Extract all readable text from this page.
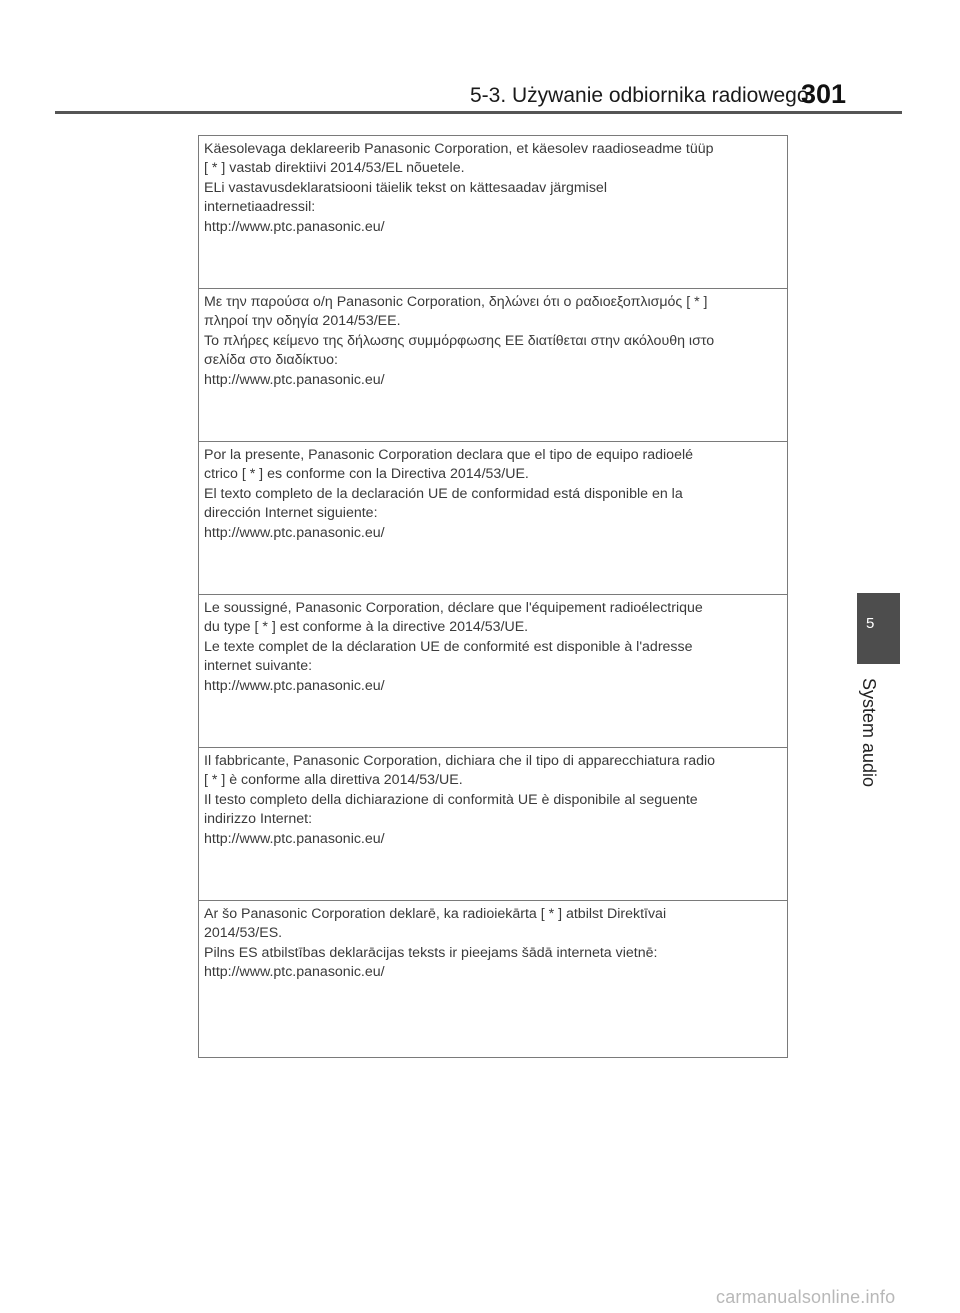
5-3. Używanie odbiornika radiowego
301

Käesolevaga deklareerib Panasonic Corporation, et käesolev raadioseadme tüüp
[ * ] vastab direktiivi 2014/53/EL nõuetele.
ELi vastavusdeklaratsiooni täielik tekst on kättesaadav järgmisel
internetiaadressil:
http://www.ptc.panasonic.eu/

Με την παρούσα ο/η Panasonic Corporation, δηλώνει ότι ο ραδιοεξοπλισμός [ * ]
πληροί την οδηγία 2014/53/ΕΕ.
Το πλήρες κείμενο της δήλωσης συμμόρφωσης ΕΕ διατίθεται στην ακόλουθη ιστο
σελίδα στο διαδίκτυο:
http://www.ptc.panasonic.eu/

Por la presente, Panasonic Corporation declara que el tipo de equipo radioelé
ctrico [ * ] es conforme con la Directiva 2014/53/UE.
El texto completo de la declaración UE de conformidad está disponible en la
dirección Internet siguiente:
http://www.ptc.panasonic.eu/

Le soussigné, Panasonic Corporation, déclare que l'équipement radioélectrique
du type [ * ] est conforme à la directive 2014/53/UE.
Le texte complet de la déclaration UE de conformité est disponible à l'adresse
internet suivante:
http://www.ptc.panasonic.eu/

Il fabbricante, Panasonic Corporation, dichiara che il tipo di apparecchiatura radio
[ * ] è conforme alla direttiva 2014/53/UE.
Il testo completo della dichiarazione di conformità UE è disponibile al seguente
indirizzo Internet:
http://www.ptc.panasonic.eu/

Ar šo Panasonic Corporation deklarē, ka radioiekārta [ * ] atbilst Direktīvai
2014/53/ES.
Pilns ES atbilstības deklarācijas teksts ir pieejams šādā interneta vietnē:
http://www.ptc.panasonic.eu/

5
System audio
carmanualsonline.info
